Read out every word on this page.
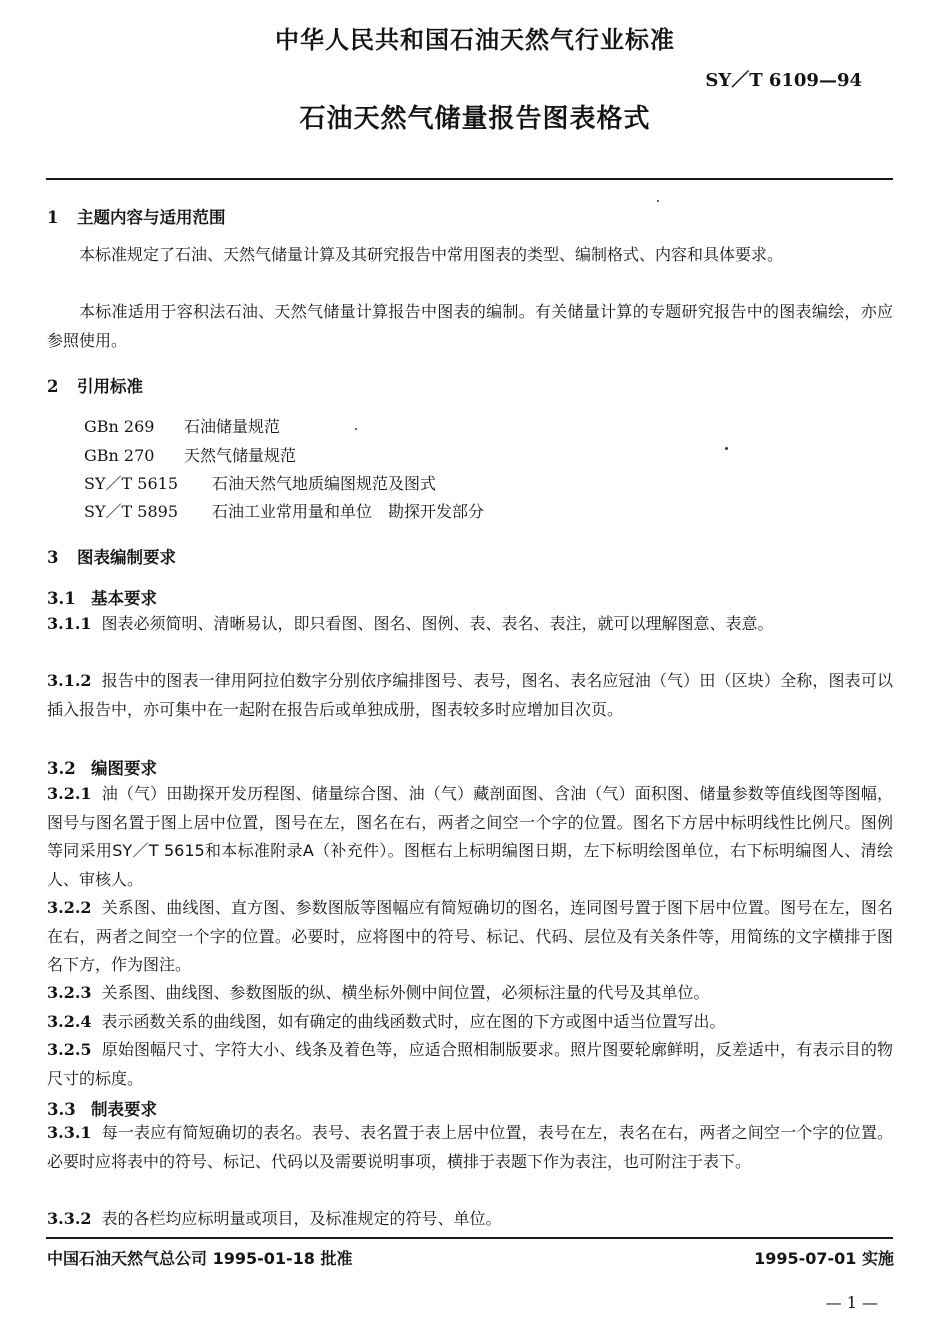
中华人民共和国石油天然气行业标准
SY／T 6109—94
石油天然气储量报告图表格式
1 主题内容与适用范围
本标准规定了石油、天然气储量计算及其研究报告中常用图表的类型、编制格式、内容和具体要求。
本标准适用于容积法石油、天然气储量计算报告中图表的编制。有关储量计算的专题研究报告中的图表编绘，亦应参照使用。
2 引用标准
GBn 269 石油储量规范
GBn 270 天然气储量规范
SY／T 5615 石油天然气地质编图规范及图式
SY／T 5895 石油工业常用量和单位　勘探开发部分
3 图表编制要求
3.1 基本要求
3.1.1 图表必须简明、清晰易认，即只看图、图名、图例、表、表名、表注，就可以理解图意、表意。
3.1.2 报告中的图表一律用阿拉伯数字分别依序编排图号、表号，图名、表名应冠油（气）田（区块）全称，图表可以插入报告中，亦可集中在一起附在报告后或单独成册，图表较多时应增加目次页。
3.2 编图要求
3.2.1 油（气）田勘探开发历程图、储量综合图、油（气）藏剖面图、含油（气）面积图、储量参数等值线图等图幅，图号与图名置于图上居中位置，图号在左，图名在右，两者之间空一个字的位置。图名下方居中标明线性比例尺。图例等同采用SY／T 5615和本标准附录A（补充件）。图框右上标明编图日期，左下标明绘图单位，右下标明编图人、清绘人、审核人。
3.2.2 关系图、曲线图、直方图、参数图版等图幅应有简短确切的图名，连同图号置于图下居中位置。图号在左，图名在右，两者之间空一个字的位置。必要时，应将图中的符号、标记、代码、层位及有关条件等，用简练的文字横排于图名下方，作为图注。
3.2.3 关系图、曲线图、参数图版的纵、横坐标外侧中间位置，必须标注量的代号及其单位。
3.2.4 表示函数关系的曲线图，如有确定的曲线函数式时，应在图的下方或图中适当位置写出。
3.2.5 原始图幅尺寸、字符大小、线条及着色等，应适合照相制版要求。照片图要轮廓鲜明，反差适中，有表示目的物尺寸的标度。
3.3 制表要求
3.3.1 每一表应有简短确切的表名。表号、表名置于表上居中位置，表号在左，表名在右，两者之间空一个字的位置。必要时应将表中的符号、标记、代码以及需要说明事项，横排于表题下作为表注，也可附注于表下。
3.3.2 表的各栏均应标明量或项目，及标准规定的符号、单位。
中国石油天然气总公司 1995-01-18 批准	1995-07-01 实施
— 1 —
